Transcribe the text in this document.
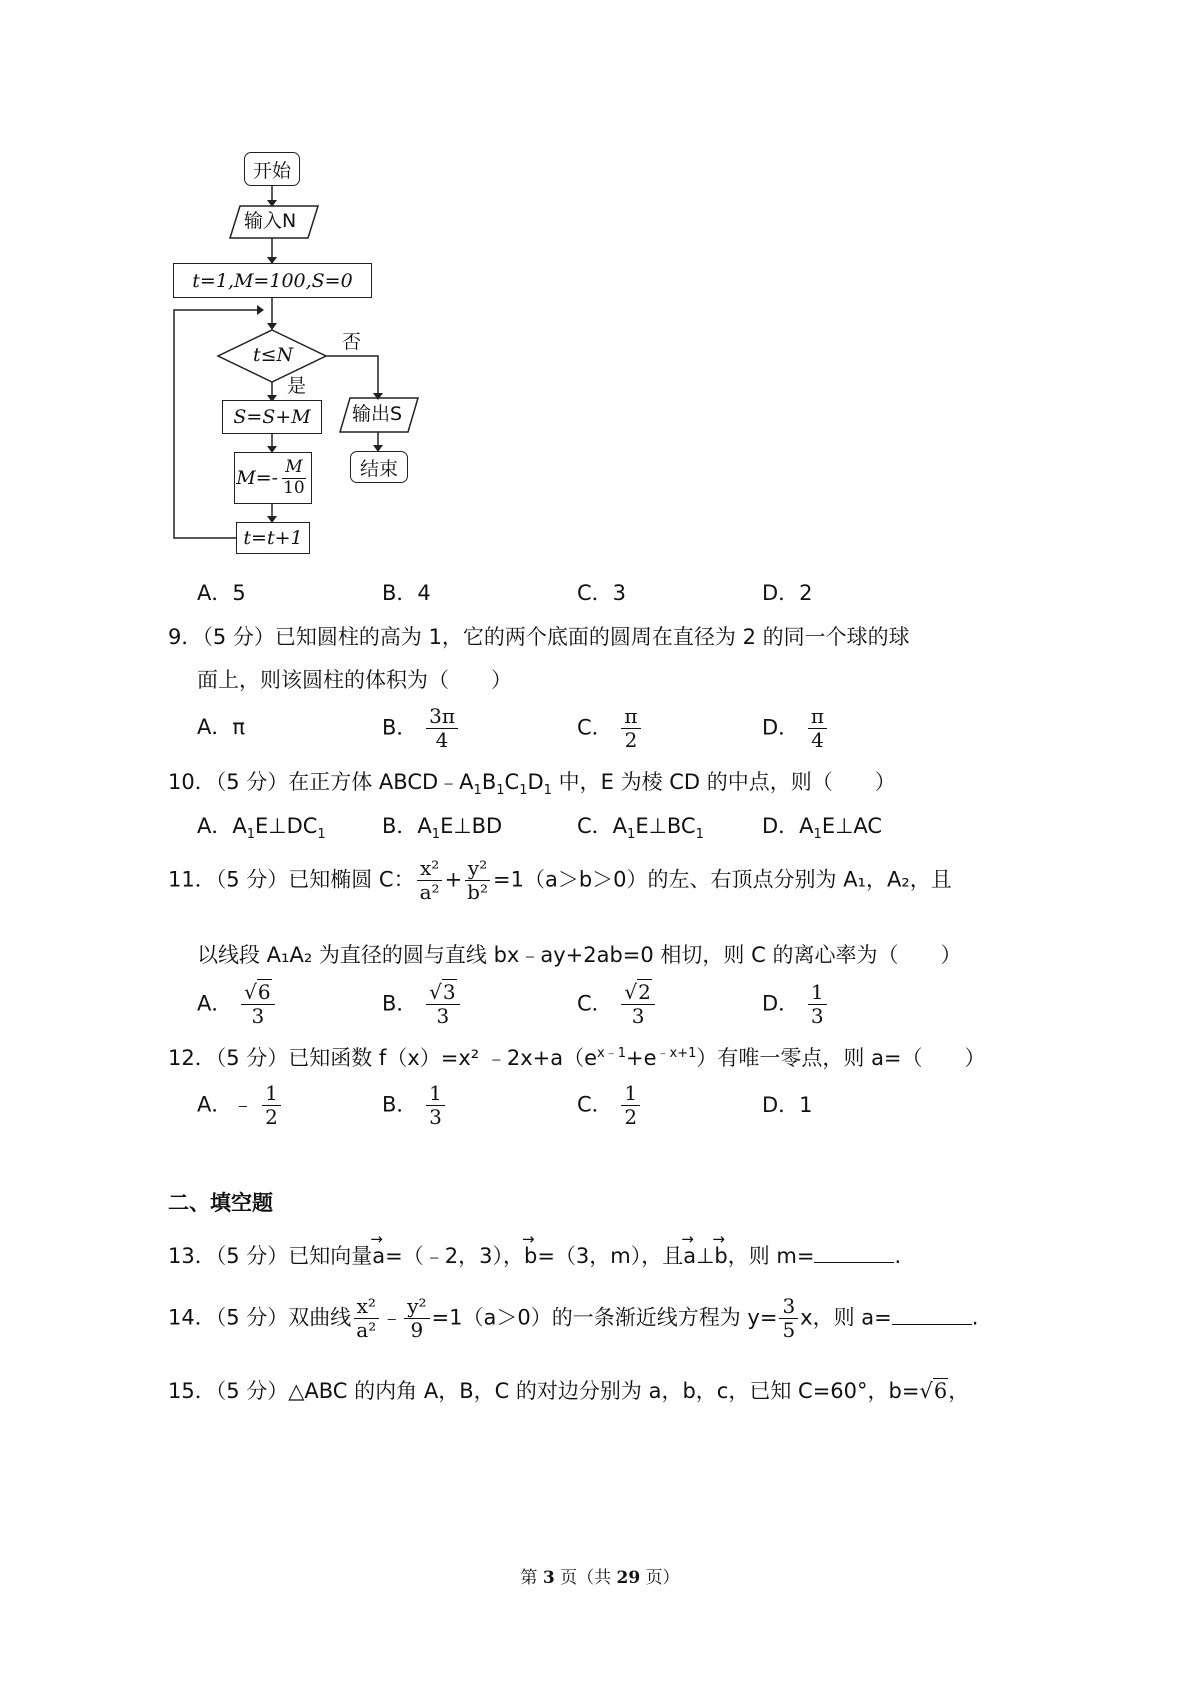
开始
输入N
t=1,M=100,S=0
t≤N
否
是
S=S+M
$M=- \frac{M}{10}$
t=t+1
输出S
结束
A．5	B．4	C．3	D．2
9．（5 分）已知圆柱的高为 1，它的两个底面的圆周在直径为 2 的同一个球的球
面上，则该圆柱的体积为（　　）
A．π	B． $\frac{3\pi}{4}$	C． $\frac{\pi}{2}$	D． $\frac{\pi}{4}$
10．（5 分）在正方体 $ABCD﹣A_1B_1C_1D_1$ 中，E 为棱 CD 的中点，则（　　）
A．$A_1E\perp DC_1$	B．$A_1E\perp BD$	C．$A_1E\perp BC_1$	D．$A_1E\perp AC$
11．（5 分）已知椭圆 C： $\frac{\text{x²}}{\text{a²}} + \frac{\text{y²}}{\text{b²}} =1(a>b>0)$的左、右顶点分别为 A₁，A₂，且
以线段 A₁A₂ 为直径的圆与直线 bx﹣ay+2ab=0 相切，则 C 的离心率为（　　）
A． $\frac{√6}{3}$	B． $\frac{√3}{3}$	C． $\frac{√2}{3}$	D． $\frac{1}{3}$
12．（5 分）已知函数 f（x）=x² $﹣2x+a(e^{x﹣1}+e^{﹣x+1})$有唯一零点，则 a=（　　）
A．﹣ $\frac{1}{2}$	B． $\frac{1}{3}$	C． $\frac{1}{2}$	D．1
二、填空题
13．（5 分）已知向量→ a=（﹣2，3），→ b=（3，m），且→ a⊥→ b，则 m=	.
14．（5 分）双曲线 $\frac{\text{x²}}{\text{a²}}$ ﹣ $\frac{\text{y²}}{9} =1(a>0)$的一条渐近线方程为 $y= \frac{3}{5}$ x，则 a=	.
15．（5 分）△ABC 的内角 A，B，C 的对边分别为 a，b，c，已知 C=60°，b=√6，
第 3 页（共 29 页）
